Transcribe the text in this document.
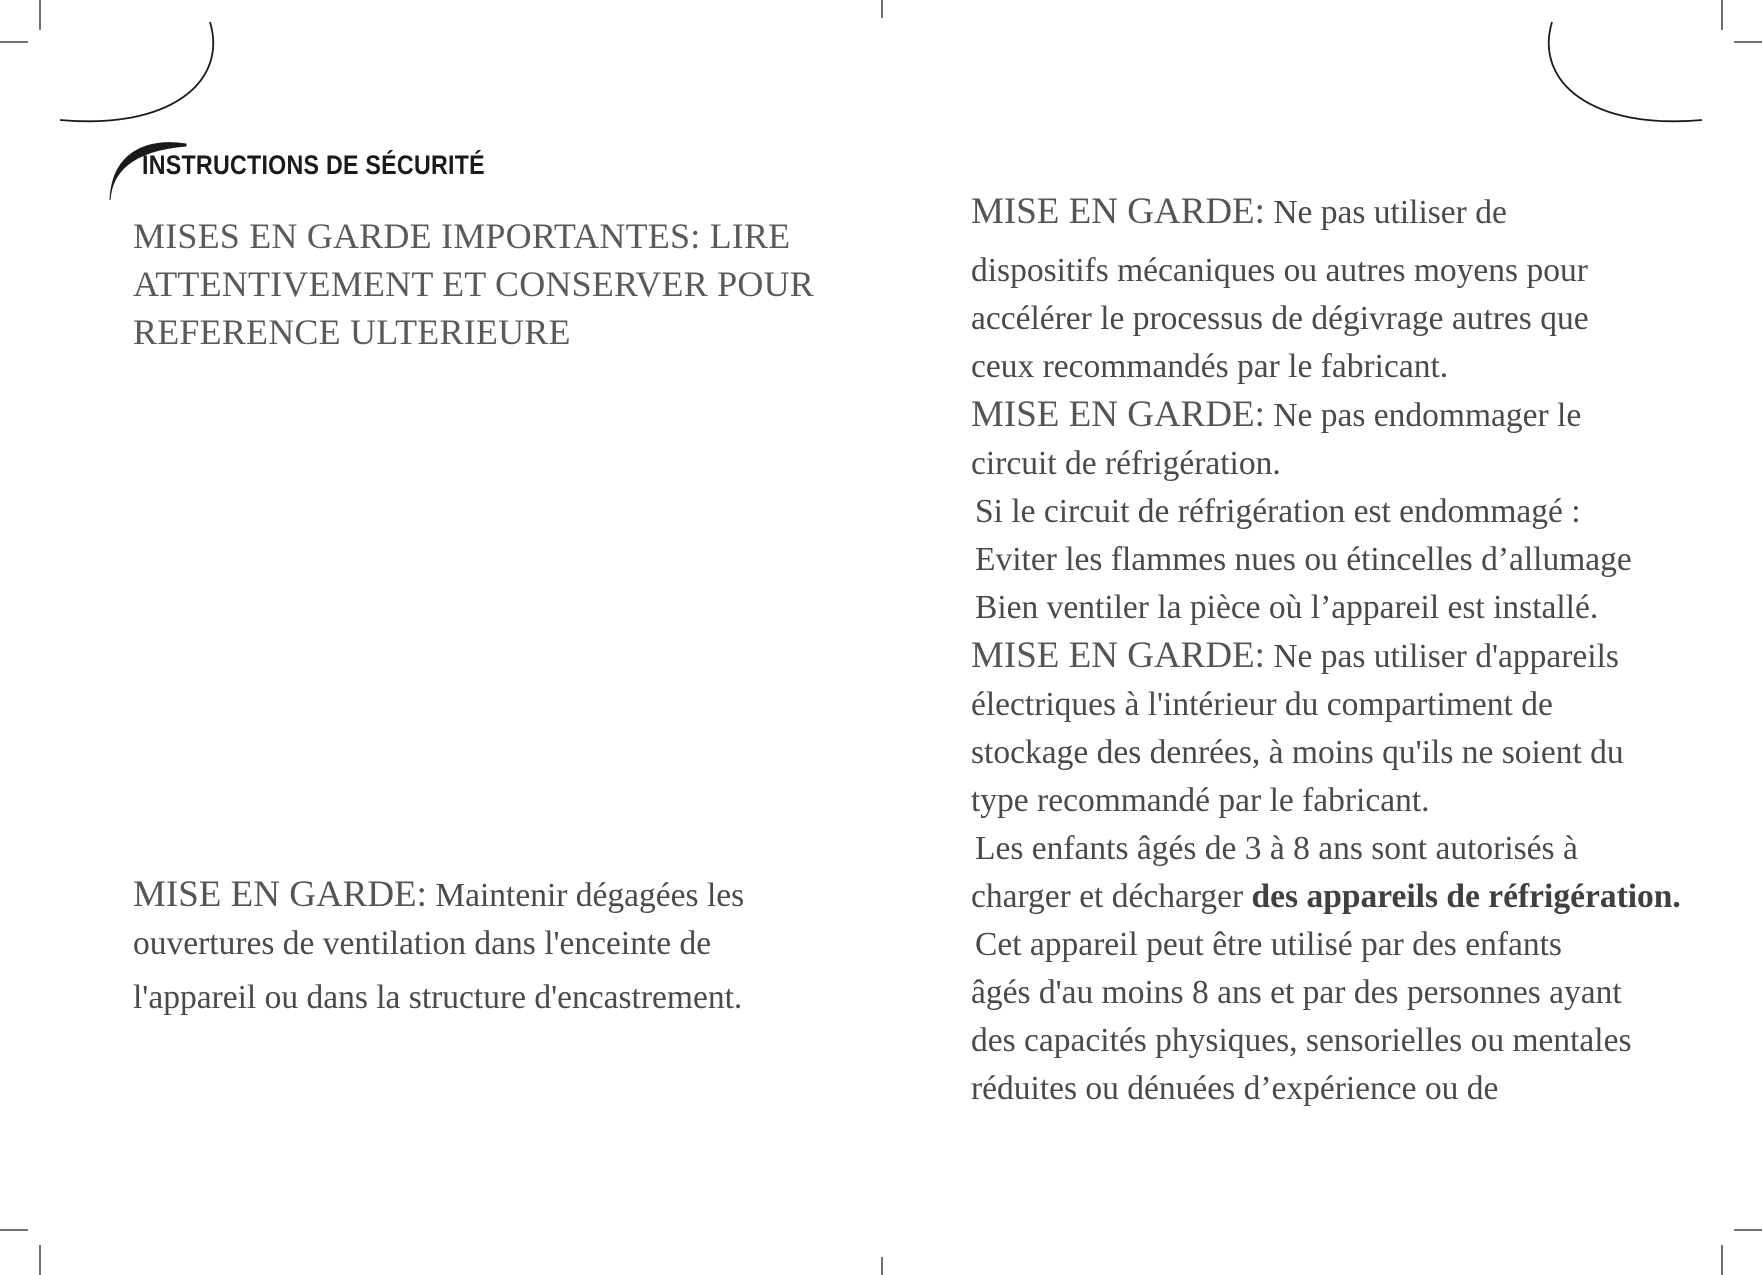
INSTRUCTIONS DE SÉCURITÉ
MISES EN GARDE IMPORTANTES: LIRE ATTENTIVEMENT ET CONSERVER POUR REFERENCE ULTERIEURE

MISE EN GARDE: Maintenir dégagées les

ouvertures de ventilation dans l'enceinte de

l'appareil ou dans la structure d'encastrement.

MISE EN GARDE: Ne pas utiliser de

dispositifs mécaniques ou autres moyens pour

accélérer le processus de dégivrage autres que

ceux recommandés par le fabricant.

MISE EN GARDE: Ne pas endommager le

circuit de réfrigération.

Si le circuit de réfrigération est endommagé :

Eviter les flammes nues ou étincelles d’allumage

Bien ventiler la pièce où l’appareil est installé.

MISE EN GARDE: Ne pas utiliser d'appareils

électriques à l'intérieur du compartiment de

stockage des denrées, à moins qu'ils ne soient du

type recommandé par le fabricant.

Les enfants âgés de 3 à 8 ans sont autorisés à

charger et décharger des appareils de réfrigération.

Cet appareil peut être utilisé par des enfants

âgés d'au moins 8 ans et par des personnes ayant

des capacités physiques, sensorielles ou mentales

réduites ou dénuées d’expérience ou de
